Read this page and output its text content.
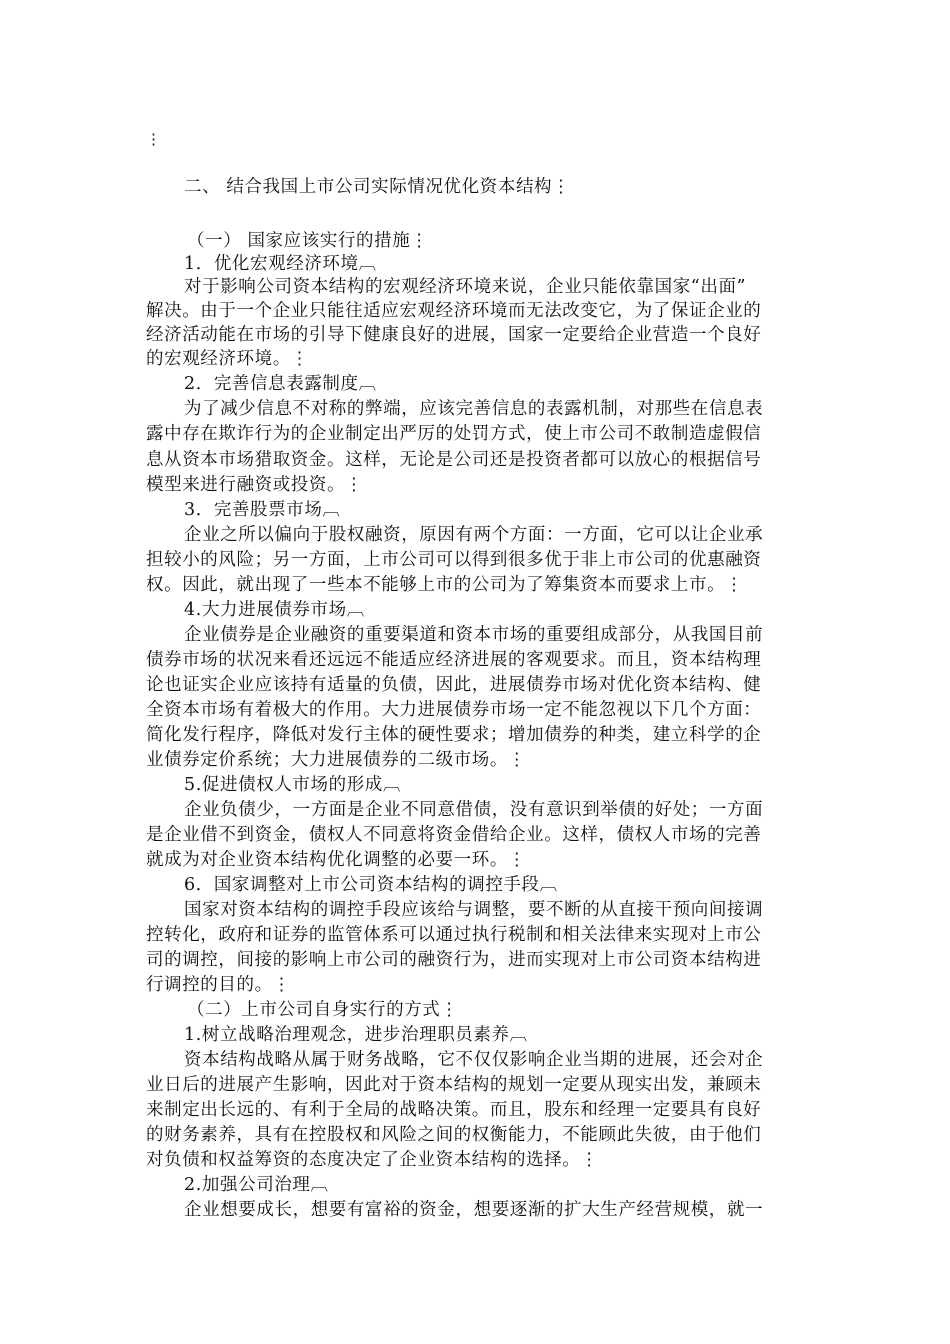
⋮
二、 结合我国上市公司实际情况优化资本结构⋮
（一） 国家应该实行的措施⋮
1．优化宏观经济环境︹
对于影响公司资本结构的宏观经济环境来说，企业只能依靠国家“出面”
解决。由于一个企业只能往适应宏观经济环境而无法改变它，为了保证企业的
经济活动能在市场的引导下健康良好的进展，国家一定要给企业营造一个良好
的宏观经济环境。⋮
2．完善信息表露制度︹
为了减少信息不对称的弊端，应该完善信息的表露机制，对那些在信息表
露中存在欺诈行为的企业制定出严厉的处罚方式，使上市公司不敢制造虚假信
息从资本市场猎取资金。这样，无论是公司还是投资者都可以放心的根据信号
模型来进行融资或投资。⋮
3．完善股票市场︹
企业之所以偏向于股权融资，原因有两个方面：一方面，它可以让企业承
担较小的风险；另一方面，上市公司可以得到很多优于非上市公司的优惠融资
权。因此，就出现了一些本不能够上市的公司为了筹集资本而要求上市。⋮
4.大力进展债券市场︹
企业债券是企业融资的重要渠道和资本市场的重要组成部分，从我国目前
债券市场的状况来看还远远不能适应经济进展的客观要求。而且，资本结构理
论也证实企业应该持有适量的负债，因此，进展债券市场对优化资本结构、健
全资本市场有着极大的作用。大力进展债券市场一定不能忽视以下几个方面：
简化发行程序，降低对发行主体的硬性要求；增加债券的种类，建立科学的企
业债券定价系统；大力进展债券的二级市场。⋮
5.促进债权人市场的形成︹
企业负债少，一方面是企业不同意借债，没有意识到举债的好处；一方面
是企业借不到资金，债权人不同意将资金借给企业。这样，债权人市场的完善
就成为对企业资本结构优化调整的必要一环。⋮
6．国家调整对上市公司资本结构的调控手段︹
国家对资本结构的调控手段应该给与调整，要不断的从直接干预向间接调
控转化，政府和证券的监管体系可以通过执行税制和相关法律来实现对上市公
司的调控，间接的影响上市公司的融资行为，进而实现对上市公司资本结构进
行调控的目的。⋮
（二）上市公司自身实行的方式⋮
1.树立战略治理观念，进步治理职员素养︹
资本结构战略从属于财务战略，它不仅仅影响企业当期的进展，还会对企
业日后的进展产生影响，因此对于资本结构的规划一定要从现实出发，兼顾未
来制定出长远的、有利于全局的战略决策。而且，股东和经理一定要具有良好
的财务素养，具有在控股权和风险之间的权衡能力，不能顾此失彼，由于他们
对负债和权益筹资的态度决定了企业资本结构的选择。⋮
2.加强公司治理︹
企业想要成长，想要有富裕的资金，想要逐渐的扩大生产经营规模，就一
